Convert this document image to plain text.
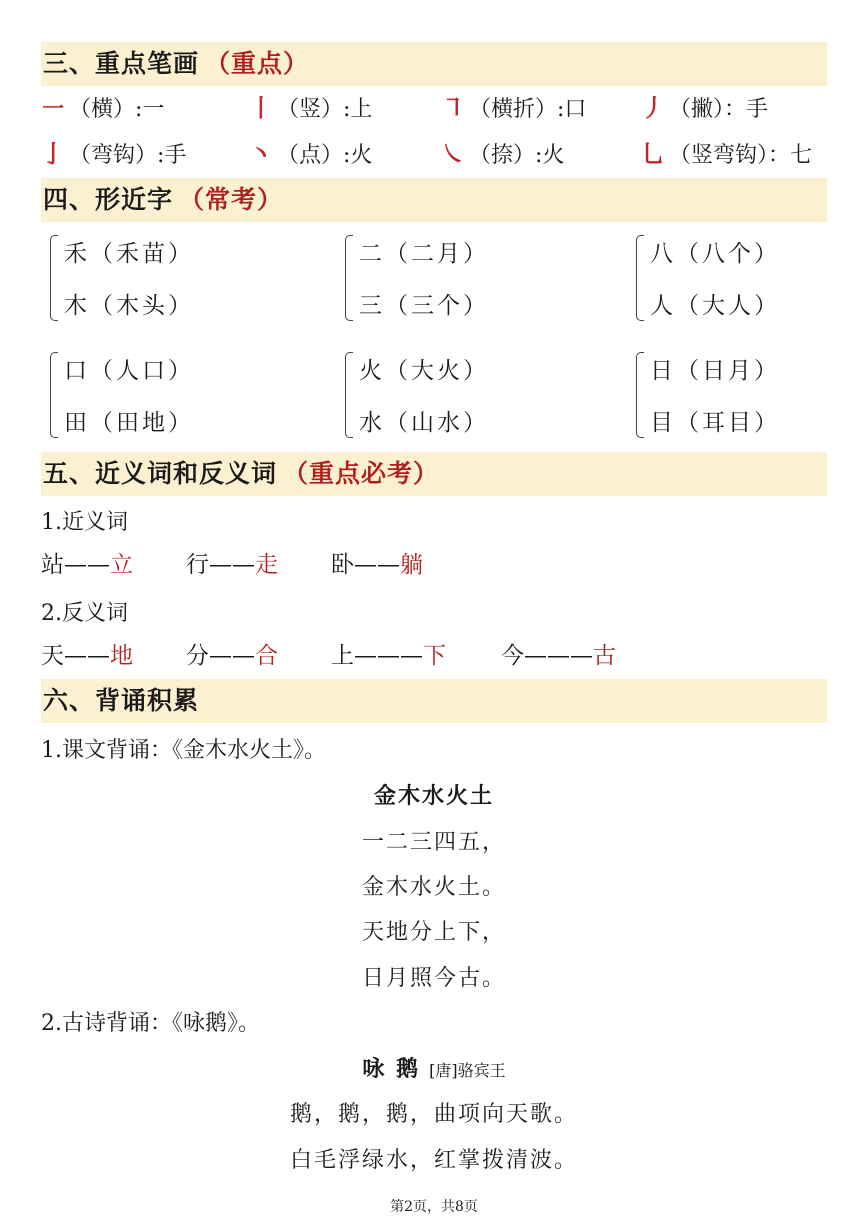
三、重点笔画 （重点）
㇐ （横）:一	丨 （竖）:上	㇕ （横折）:口 丿 （撇）：手
亅 （弯钩）:手	丶 （点）:火	㇏ （捺）:火	乚 （竖弯钩）：七
四、形近字 （常考）
禾（禾苗）
木（木头）
二（二月）
三（三个）
八（八个）
人（大人）
口（人口）
田（田地）
火（大火）
水（山水）
日（日月）
目（耳目）
五、近义词和反义词 （重点必考）
1.近义词
站——立 行——走 卧——躺
2.反义词
天——地 分——合 上———下 今———古
六、背诵积累
1.课文背诵：《金木水火土》。
金木水火土
一二三四五，
金木水火土。
天地分上下，
日月照今古。
2.古诗背诵：《咏鹅》。
咏 鹅 [唐]骆宾王
鹅，鹅，鹅，曲项向天歌。
白毛浮绿水，红掌拨清波。
第2页，共8页
